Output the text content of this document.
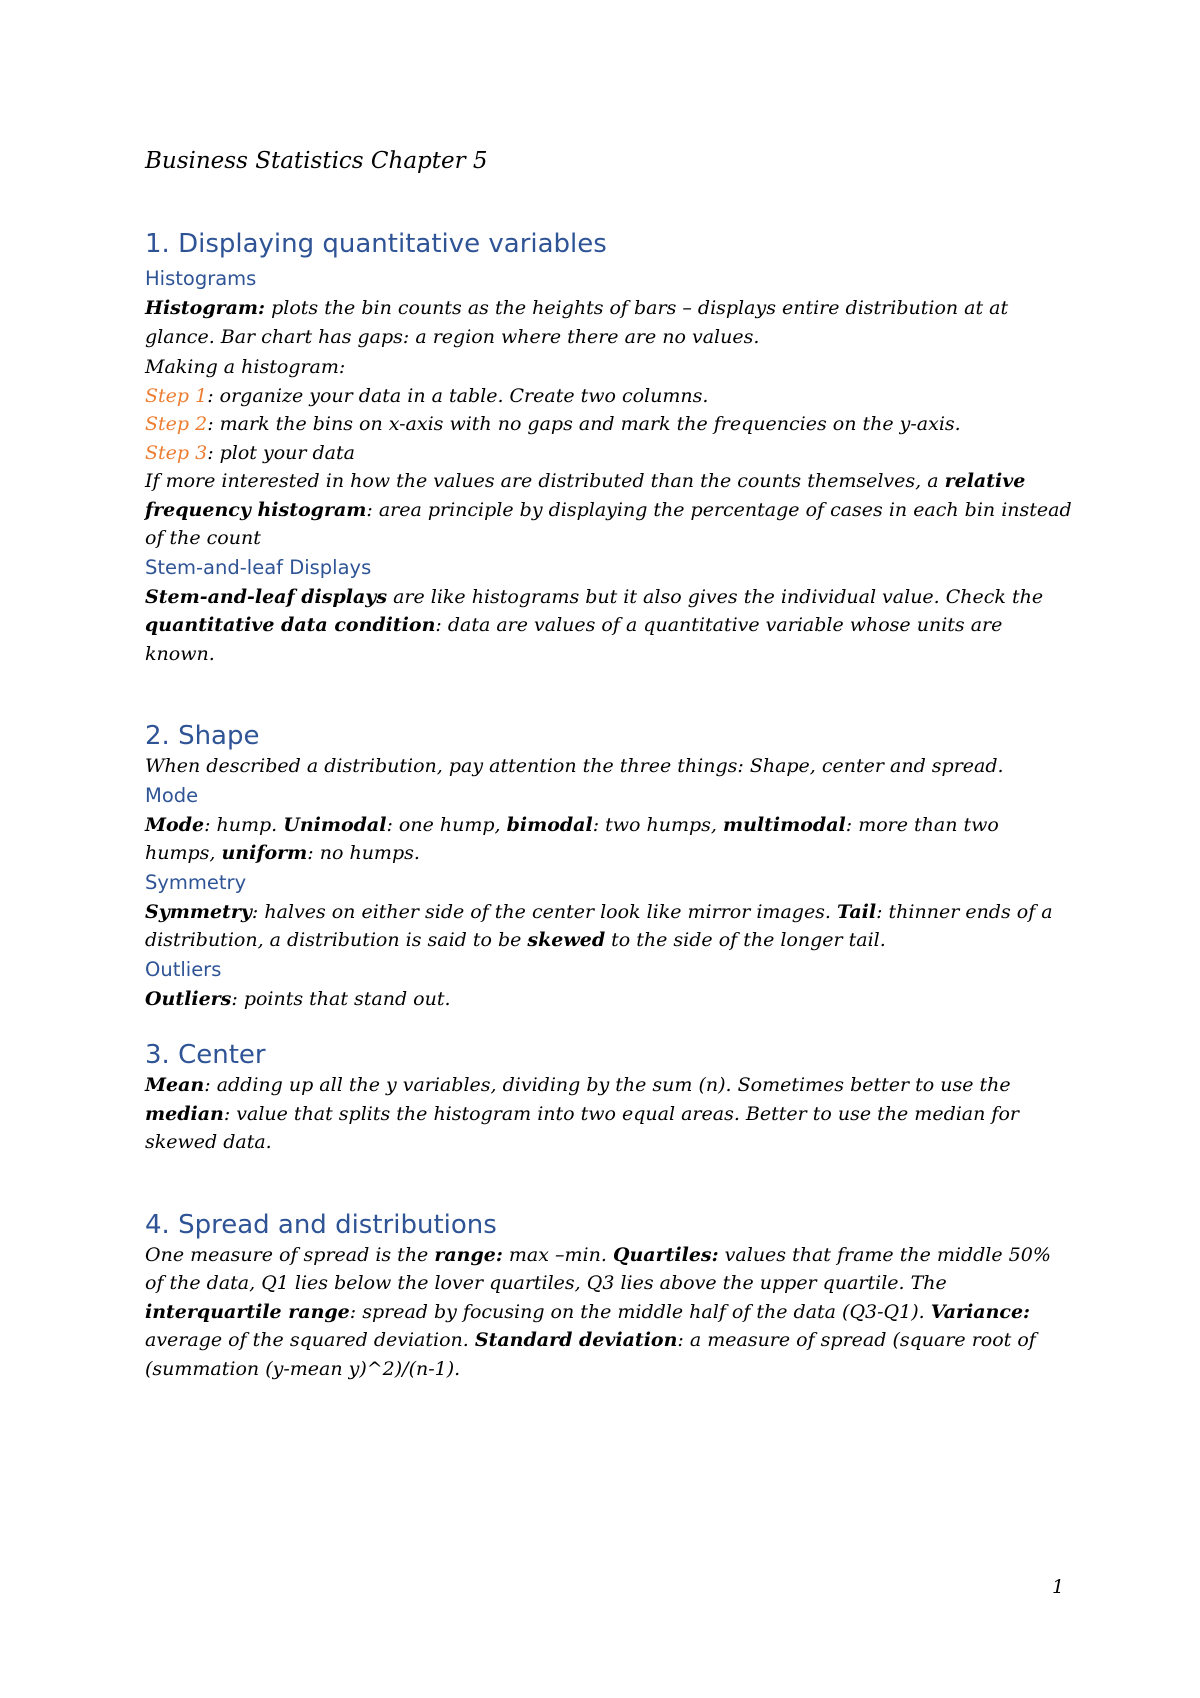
Business Statistics Chapter 5
1. Displaying quantitative variables
Histograms
Histogram: plots the bin counts as the heights of bars – displays entire distribution at at glance. Bar chart has gaps: a region where there are no values.
Making a histogram:
Step 1: organize your data in a table. Create two columns.
Step 2: mark the bins on x-axis with no gaps and mark the frequencies on the y-axis.
Step 3: plot your data
If more interested in how the values are distributed than the counts themselves, a relative frequency histogram: area principle by displaying the percentage of cases in each bin instead of the count
Stem-and-leaf Displays
Stem-and-leaf displays are like histograms but it also gives the individual value. Check the quantitative data condition: data are values of a quantitative variable whose units are known.
2. Shape
When described a distribution, pay attention the three things: Shape, center and spread.
Mode
Mode: hump. Unimodal: one hump, bimodal: two humps, multimodal: more than two humps, uniform: no humps.
Symmetry
Symmetry: halves on either side of the center look like mirror images. Tail: thinner ends of a distribution, a distribution is said to be skewed to the side of the longer tail.
Outliers
Outliers: points that stand out.
3. Center
Mean: adding up all the y variables, dividing by the sum (n). Sometimes better to use the median: value that splits the histogram into two equal areas. Better to use the median for skewed data.
4. Spread and distributions
One measure of spread is the range: max –min. Quartiles: values that frame the middle 50% of the data, Q1 lies below the lover quartiles, Q3 lies above the upper quartile. The interquartile range: spread by focusing on the middle half of the data (Q3-Q1). Variance: average of the squared deviation. Standard deviation: a measure of spread (square root of (summation (y-mean y)^2)/(n-1).
1
